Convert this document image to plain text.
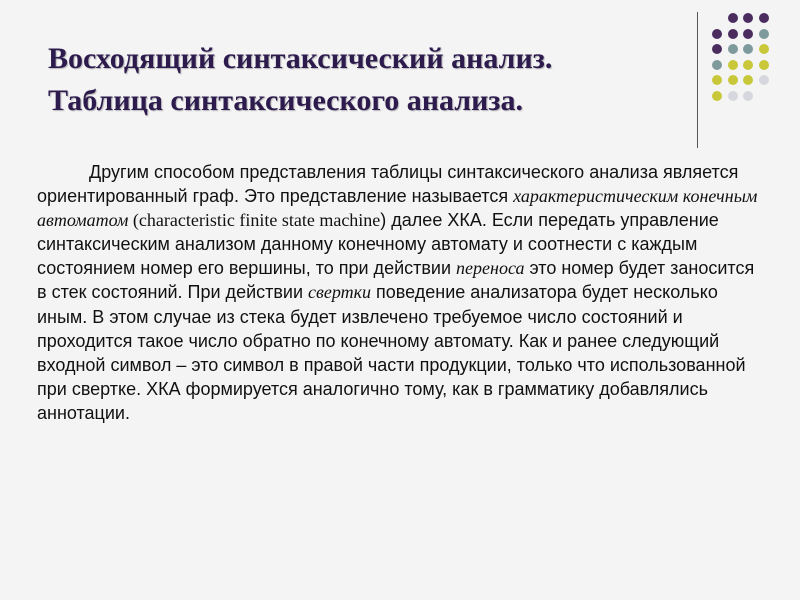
Восходящий синтаксический анализ.
Таблица синтаксического анализа.

Другим способом представления таблицы синтаксического анализа является ориентированный граф. Это представление называется характеристическим конечным автоматом (characteristic finite state machine) далее ХКА. Если передать управление синтаксическим анализом данному конечному автомату и соотнести с каждым состоянием номер его вершины, то при действии переноса это номер будет заносится в стек состояний. При действии свертки поведение анализатора будет несколько иным. В этом случае из стека будет извлечено требуемое число состояний и проходится такое число обратно по конечному автомату. Как и ранее следующий входной символ – это символ в правой части продукции, только что использованной при свертке. ХКА формируется аналогично тому, как в грамматику добавлялись аннотации.
